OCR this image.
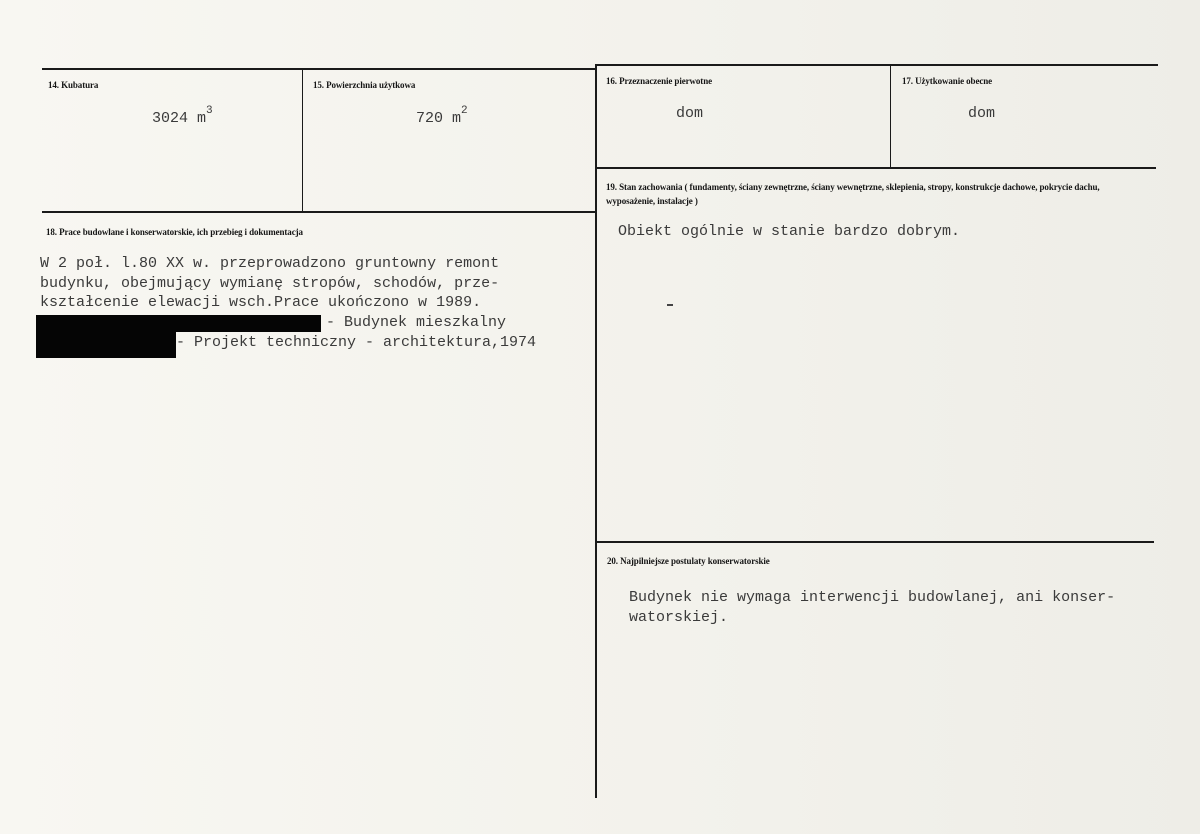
14. Kubatura
3024 $m^3$
15. Powierzchnia użytkowa
720 $m^2$
16. Przeznaczenie pierwotne
dom
17. Użytkowanie obecne
dom
19. Stan zachowania ( fundamenty, ściany zewnętrzne, ściany wewnętrzne, sklepienia, stropy, konstrukcje dachowe, pokrycie dachu, wyposażenie, instalacje )
Obiekt ogólnie w stanie bardzo dobrym.
18. Prace budowlane i konserwatorskie, ich przebieg i dokumentacja
W 2 poł. l.80 XX w. przeprowadzono gruntowny remont
budynku, obejmujący wymianę stropów, schodów, prze-
kształcenie elewacji wsch.Prace ukończono w 1989.
- Budynek mieszkalny
- Projekt techniczny - architektura,1974
20. Najpilniejsze postulaty konserwatorskie
Budynek nie wymaga interwencji budowlanej, ani konser-
watorskiej.
